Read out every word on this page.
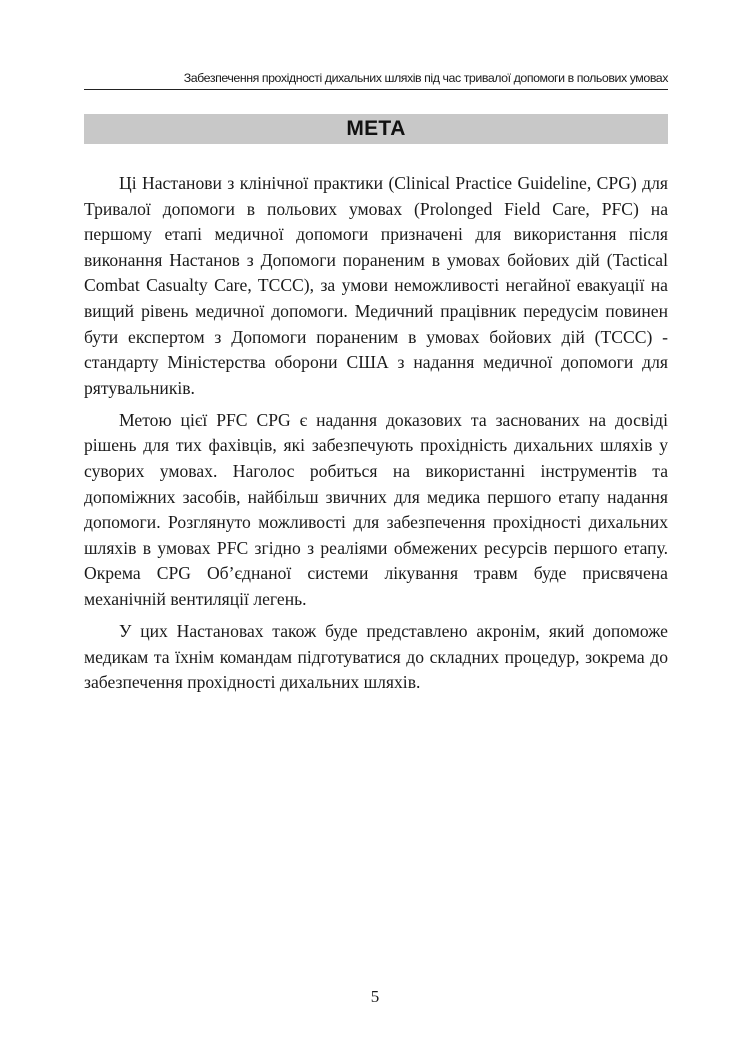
Забезпечення прохідності дихальних шляхів під час тривалої допомоги в польових умовах
МЕТА

Ці Настанови з клінічної практики (Clinical Practice Guideline, CPG) для Тривалої допомоги в польових умовах (Prolonged Field Care, PFC) на першому етапі медичної допомоги призначені для використання після виконання Настанов з Допомоги пораненим в умовах бойових дій (Tactical Combat Casualty Care, TCCC), за умови неможливості негайної евакуації на вищий рівень медичної допомоги. Медичний працівник передусім повинен бути експертом з Допомоги пораненим в умовах бойових дій (TCCC) - стандарту Міністерства оборони США з надання медичної допомоги для рятувальників.

Метою цієї PFC CPG є надання доказових та заснованих на досвіді рішень для тих фахівців, які забезпечують прохідність дихальних шляхів у суворих умовах. Наголос робиться на використанні інструментів та допоміжних засобів, найбільш звичних для медика першого етапу надання допомоги. Розглянуто можливості для забезпечення прохідності дихальних шляхів в умовах PFC згідно з реаліями обмежених ресурсів першого етапу. Окрема CPG Об’єднаної системи лікування травм буде присвячена механічній вентиляції легень.

У цих Настановах також буде представлено акронім, який допоможе медикам та їхнім командам підготуватися до складних процедур, зокрема до забезпечення прохідності дихальних шляхів.

5
